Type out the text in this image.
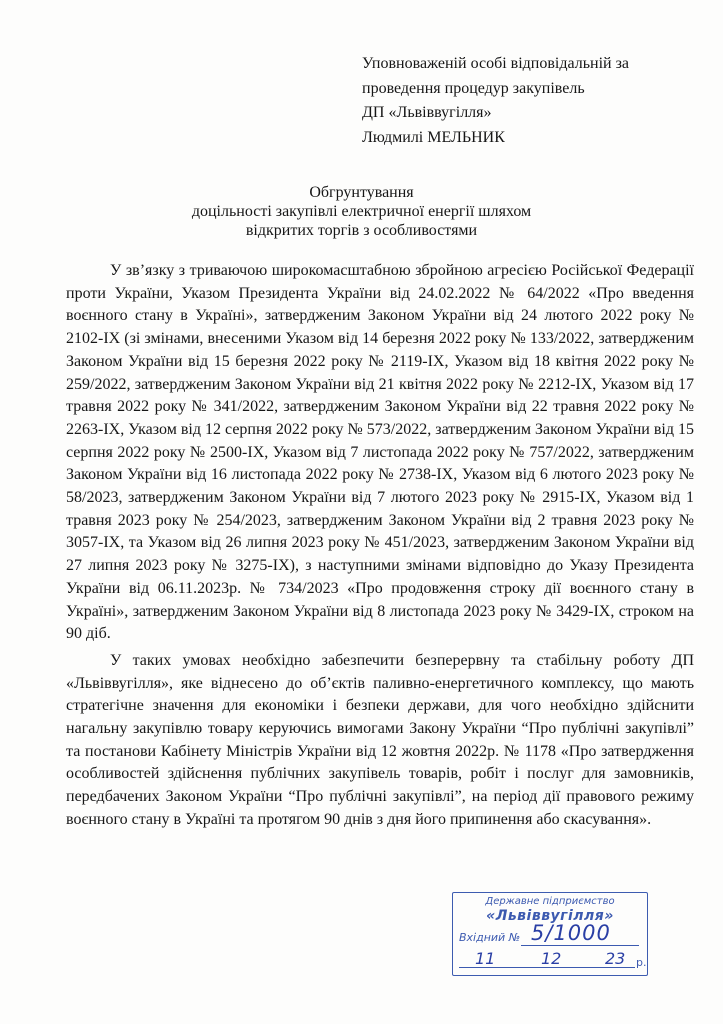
Уповноваженій особі відповідальній за
проведення процедур закупівель
ДП «Львіввугілля»
Людмилі МЕЛЬНИК
Обгрунтування
доцільності закупівлі електричної енергії шляхом
відкритих торгів з особливостями

У зв’язку з триваючою широкомасштабною збройною агресією Російської Федерації проти України, Указом Президента України від 24.02.2022 № 64/2022 «Про введення воєнного стану в Україні», затвердженим Законом України від 24 лютого 2022 року № 2102-IX (зі змінами, внесеними Указом від 14 березня 2022 року № 133/2022, затвердженим Законом України від 15 березня 2022 року № 2119-IX, Указом від 18 квітня 2022 року № 259/2022, затвердженим Законом України від 21 квітня 2022 року № 2212-IX, Указом від 17 травня 2022 року № 341/2022, затвердженим Законом України від 22 травня 2022 року № 2263-IX, Указом від 12 серпня 2022 року № 573/2022, затвердженим Законом України від 15 серпня 2022 року № 2500-IX, Указом від 7 листопада 2022 року № 757/2022, затвердженим Законом України від 16 листопада 2022 року № 2738-IX, Указом від 6 лютого 2023 року № 58/2023, затвердженим Законом України від 7 лютого 2023 року № 2915-IX, Указом від 1 травня 2023 року № 254/2023, затвердженим Законом України від 2 травня 2023 року № 3057-IX, та Указом від 26 липня 2023 року № 451/2023, затвердженим Законом України від 27 липня 2023 року № 3275-IX), з наступними змінами відповідно до Указу Президента України від 06.11.2023р. № 734/2023 «Про продовження строку дії воєнного стану в Україні», затвердженим Законом України від 8 листопада 2023 року № 3429-IX, строком на 90 діб.

У таких умовах необхідно забезпечити безперервну та стабільну роботу ДП «Львіввугілля», яке віднесено до об’єктів паливно-енергетичного комплексу, що мають стратегічне значення для економіки і безпеки держави, для чого необхідно здійснити нагальну закупівлю товару керуючись вимогами Закону України “Про публічні закупівлі” та постанови Кабінету Міністрів України від 12 жовтня 2022р. № 1178 «Про затвердження особливостей здійснення публічних закупівель товарів, робіт і послуг для замовників, передбачених Законом України “Про публічні закупівлі”, на період дії правового режиму воєнного стану в Україні та протягом 90 днів з дня його припинення або скасування».

Державне підприємство
«Львіввугілля»
Вхідний № 5/1000
11	12	23 р.
